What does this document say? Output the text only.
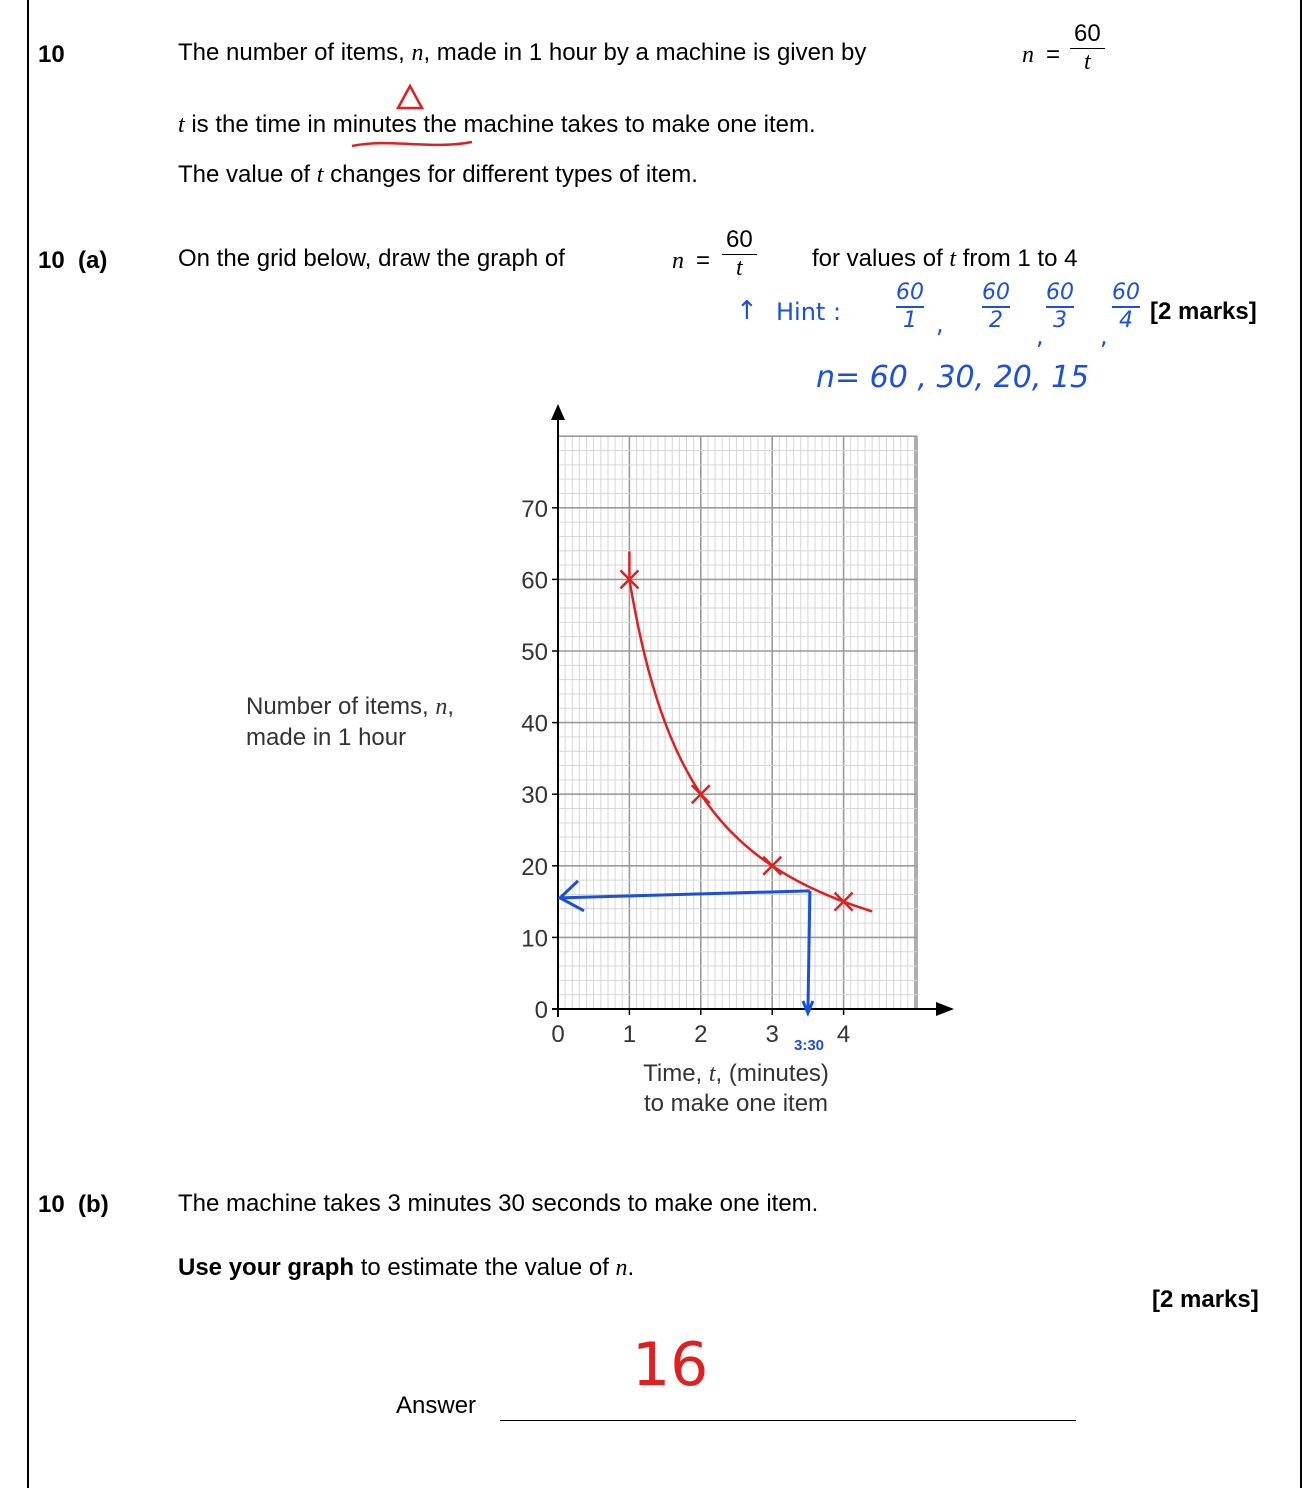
10	The number of items, n, made in 1 hour by a machine is given by	n =
60
t
t is the time in minutes the machine takes to make one item.
The value of t changes for different types of item.
10 (a)	On the grid below, draw the graph of	n =
60
t	for values of t from 1 to 4
[2 marks]
↑ Hint :
60
1
60
2
60
3
60
4
,	, ,
n= 60 , 30, 20, 15
0
10
20
30
40
50
60
70
0 1 2 3 4
Number of items, n,
made in 1 hour
Time, t, (minutes)
to make one item
3:30
10 (b)	The machine takes 3 minutes 30 seconds to make one item.
Use your graph to estimate the value of n.
[2 marks]
Answer
16
